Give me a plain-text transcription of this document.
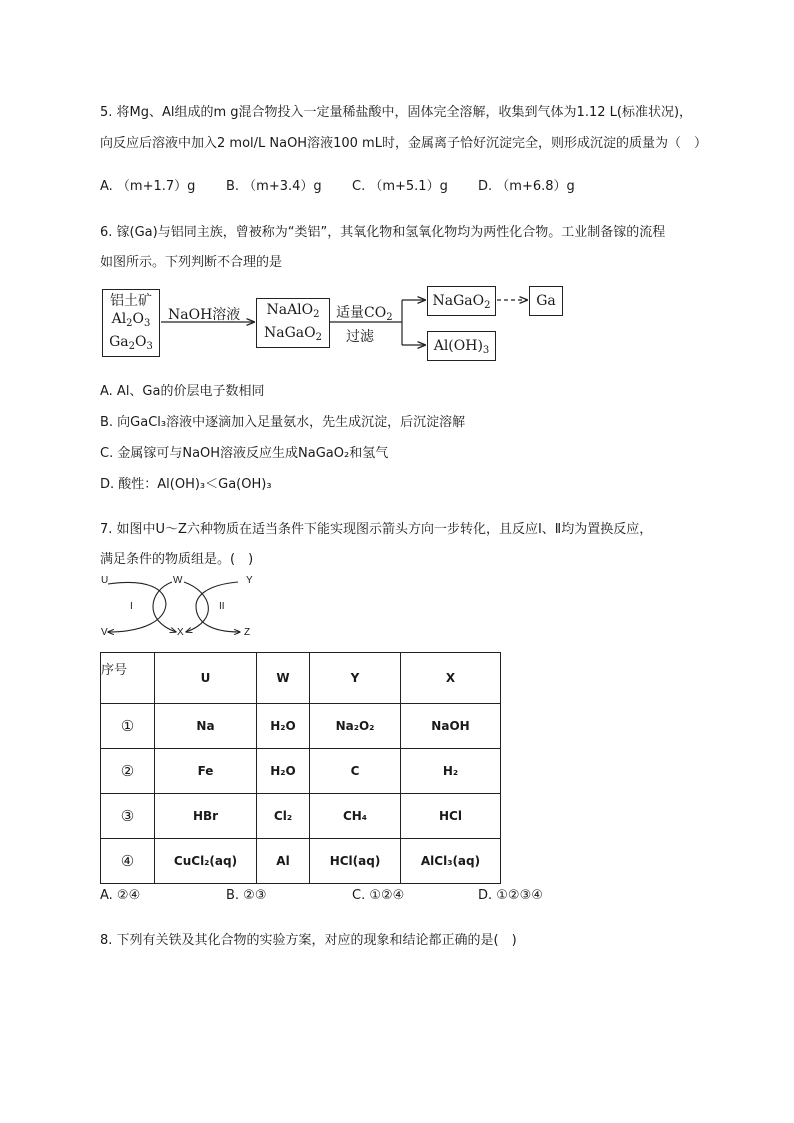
5. 将Mg、Al组成的m g混合物投入一定量稀盐酸中，固体完全溶解，收集到气体为1.12 L(标准状况)，
向反应后溶液中加入2 mol/L NaOH溶液100 mL时，金属离子恰好沉淀完全，则形成沉淀的质量为（　）
A. （m+1.7）g B. （m+3.4）g C. （m+5.1）g D. （m+6.8）g
6. 镓(Ga)与铝同主族，曾被称为“类铝”，其氧化物和氢氧化物均为两性化合物。工业制备镓的流程
如图所示。下列判断不合理的是
铝土矿
$Al_2O_3$
$Ga_2O_3$
NaOH溶液	NaAlO$_2$
NaGaO$_2$
适量$CO_2$
过滤
NaGaO$_2$
$Al(OH)_3$
Ga
A. Al、Ga的价层电子数相同
B. 向GaCl₃溶液中逐滴加入足量氨水，先生成沉淀，后沉淀溶解
C. 金属镓可与NaOH溶液反应生成NaGaO₂和氢气
D. 酸性：Al(OH)₃＜Ga(OH)₃
7. 如图中U～Z六种物质在适当条件下能实现图示箭头方向一步转化，且反应Ⅰ、Ⅱ均为置换反应，
满足条件的物质组是。(　)
U	W	Y
V	X	Z
I	II
序号	U	W	Y	X
①	Na	H₂O	Na₂O₂	NaOH
②	Fe	H₂O	C	H₂
③	HBr	Cl₂	CH₄	HCl
④	CuCl₂(aq)	Al	HCl(aq)	AlCl₃(aq)
A. ②④	B. ②③	C. ①②④	D. ①②③④
8. 下列有关铁及其化合物的实验方案，对应的现象和结论都正确的是(　)
